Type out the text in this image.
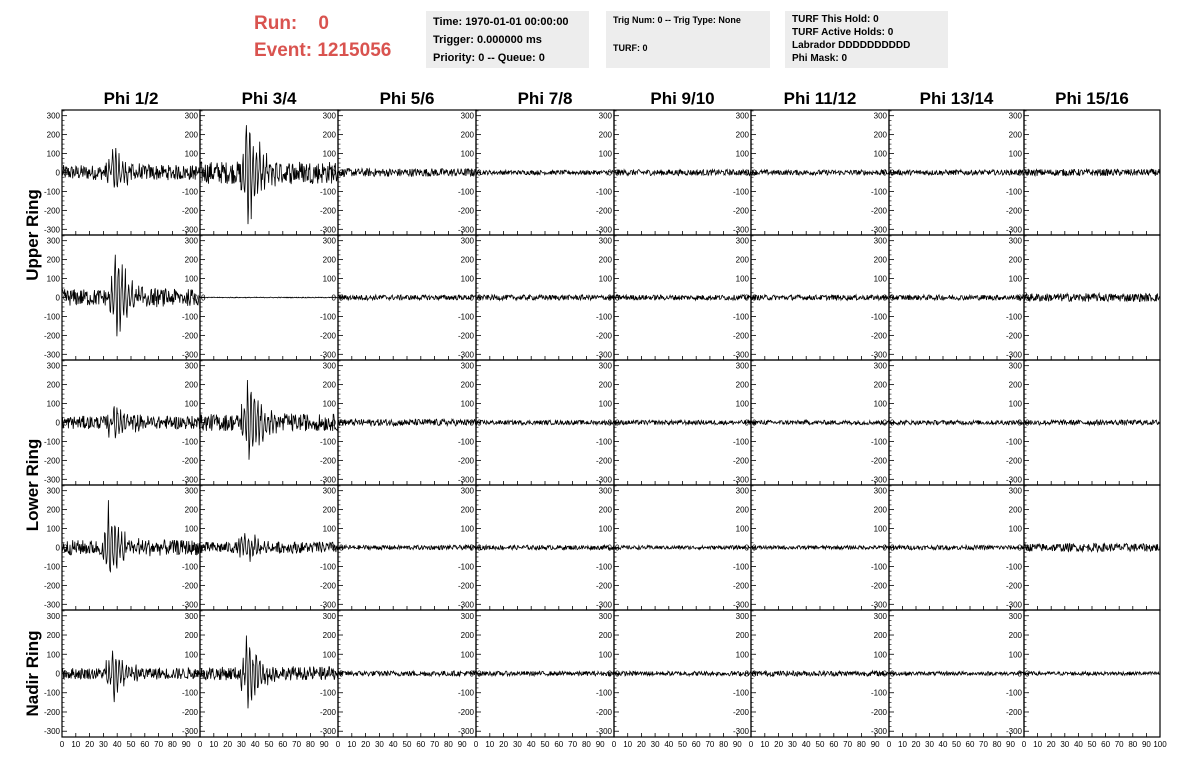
Run: 0
Event: 1215056
Time: 1970-01-01 00:00:00
Trigger: 0.000000 ms
Priority: 0 -- Queue: 0
Trig Num: 0 -- Trig Type: None
TURF: 0
TURF This Hold: 0
TURF Active Holds: 0
Labrador DDDDDDDDDD
Phi Mask: 0
Phi 1/2	Phi 3/4	Phi 5/6	Phi 7/8	Phi 9/10	Phi 11/12	Phi 13/14	Phi 15/16
Upper Ring
Lower Ring
Nadir Ring
-300
-200
-100
0
100
200
300
0
-300
-200
-100
0
100
200
300
0
-300
-200
-100
0
100
200
300
0
-300
-200
-100
0
100
200
300
0
-300
-200
-100
0
100
200
300
0
-300
-200
-100
0
100
200
300
0
-300
-200
-100
0
100
200
300
0
-300
-200
-100
0
100
200
300
0
-300
-200
-100
0
100
200
300
0
-300
-200
-100
0
100
200
300
0
-300
-200
-100
0
100
200
300
0
-300
-200
-100
0
100
200
300
0
-300
-200
-100
0
100
200
300
0
-300
-200
-100
0
100
200
300
0
-300
-200
-100
0
100
200
300
0
-300
-200
-100
0
100
200
300
0
-300
-200
-100
0
100
200
300
0
-300
-200
-100
0
100
200
300
0
-300
-200
-100
0
100
200
300
0
-300
-200
-100
0
100
200
300
0
-300
-200
-100
0
100
200
300
0
-300
-200
-100
0
100
200
300
0
-300
-200
-100
0
100
200
300
0
-300
-200
-100
0
100
200
300
0
-300
-200
-100
0
100
200
300
0
-300
-200
-100
0
100
200
300
0
-300
-200
-100
0
100
200
300
0
-300
-200
-100
0
100
200
300
0
-300
-200
-100
0
100
200
300
0
-300
-200
-100
0
100
200
300
0
-300
-200
-100
0
100
200
300
0
-300
-200
-100
0
100
200
300
0
-300
-200
-100
0
100
200
300
0 10 20 30 40 50 60 70 80 90
0
-300
-200
-100
0
100
200
300
0 10 20 30 40 50 60 70 80 90
0
-300
-200
-100
0
100
200
300
0 10 20 30 40 50 60 70 80 90
0
-300
-200
-100
0
100
200
300
0 10 20 30 40 50 60 70 80 90
0
-300
-200
-100
0
100
200
300
0 10 20 30 40 50 60 70 80 90
0
-300
-200
-100
0
100
200
300
0 10 20 30 40 50 60 70 80 90
0
-300
-200
-100
0
100
200
300
0 10 20 30 40 50 60 70 80 90
0
-300
-200
-100
0
100
200
300
0 10 20 30 40 50 60 70 80 90 100
0
